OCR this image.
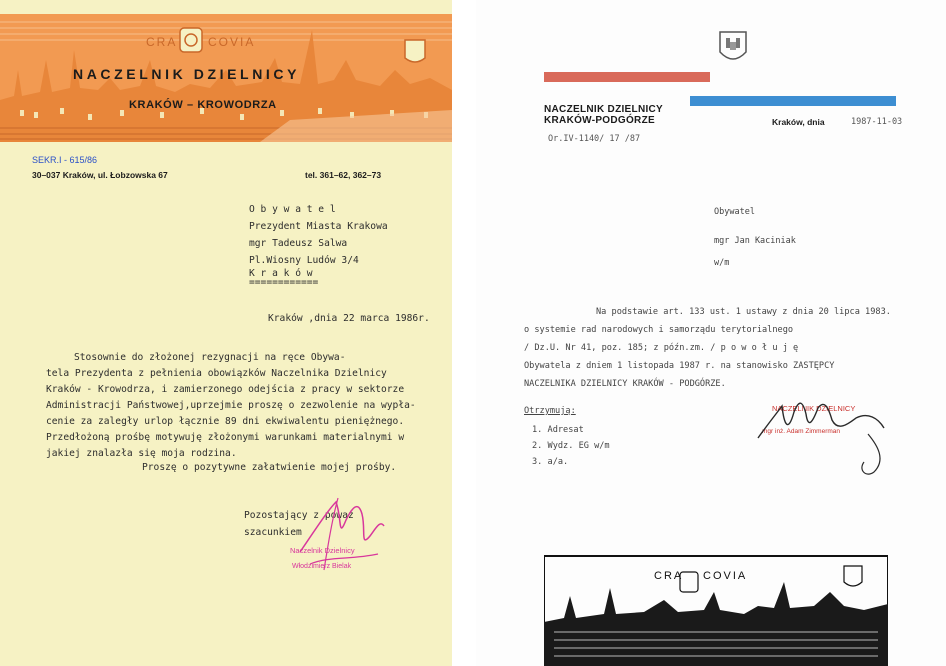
CRA	COVIA
NACZELNIK DZIELNICY
KRAKÓW – KROWODRZA
SEKR.I - 615/86
30–037 Kraków, ul. Łobzowska 67	tel. 361–62, 362–73
O b y w a t e l
Prezydent Miasta Krakowa
mgr Tadeusz Salwa
Pl.Wiosny Ludów 3/4
K r a k ó w
============
Kraków ,dnia 22 marca 1986r.
Stosownie do złożonej rezygnacji na ręce Obywa-
tela Prezydenta z pełnienia obowiązków Naczelnika Dzielnicy
Kraków - Krowodrza, i zamierzonego odejścia z pracy w sektorze
Administracji Państwowej,uprzejmie proszę o zezwolenie na wypła-
cenie za zaległy urlop łącznie 89 dni ekwiwalentu pieniężnego.
Przedłożoną prośbę motywuję złożonymi warunkami materialnymi w
jakiej znalazła się moja rodzina.
Proszę o pozytywne załatwienie mojej prośby.
Pozostający z poważ
szacunkiem
Naczelnik Dzielnicy
Włodzimierz Bielak
NACZELNIK DZIELNICY
KRAKÓW-PODGÓRZE	Kraków, dnia	1987-11-03
Or.IV-1140/ 17 /87
Obywatel
mgr Jan Kaciniak
w/m
Na podstawie art. 133 ust. 1 ustawy z dnia 20 lipca 1983.
o systemie rad narodowych i samorządu terytorialnego
/ Dz.U. Nr 41, poz. 185; z późn.zm. / p o w o ł u j ę
Obywatela z dniem 1 listopada 1987 r. na stanowisko ZASTĘPCY
NACZELNIKA DZIELNICY KRAKÓW - PODGÓRZE.
Otrzymują:
1. Adresat
2. Wydz. EG w/m
3. a/a.
NACZELNIK DZIELNICY
mgr inż. Adam Zimmerman
CRA COVIA
